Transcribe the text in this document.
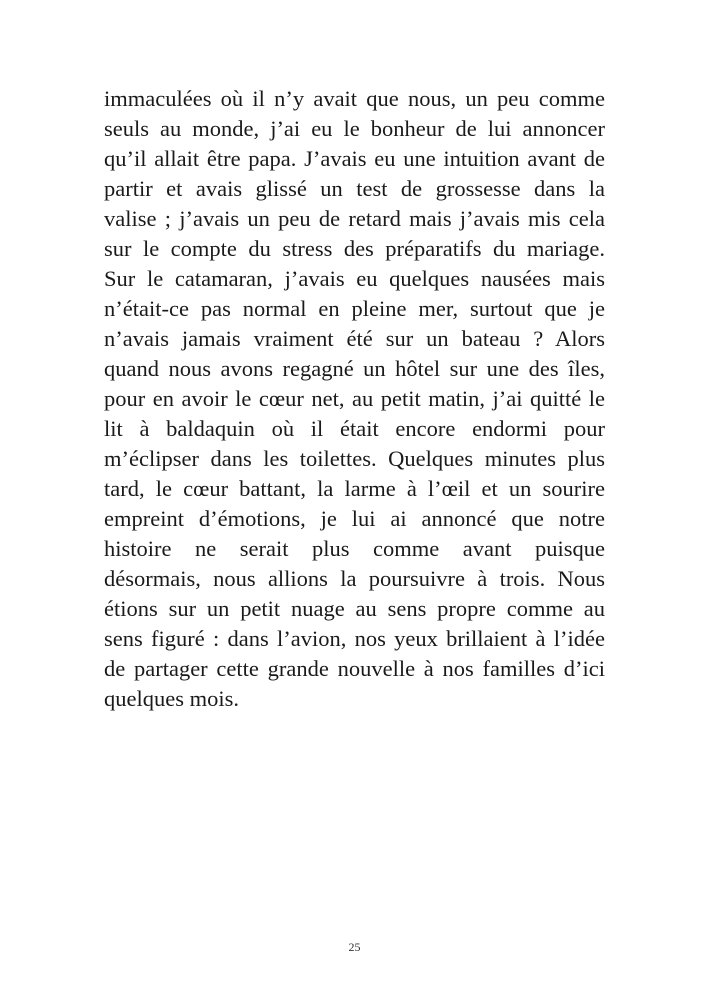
immaculées où il n’y avait que nous, un peu comme
seuls au monde, j’ai eu le bonheur de lui annoncer
qu’il allait être papa. J’avais eu une intuition avant de
partir et avais glissé un test de grossesse dans la
valise ; j’avais un peu de retard mais j’avais mis cela
sur le compte du stress des préparatifs du mariage.
Sur le catamaran, j’avais eu quelques nausées mais
n’était-ce pas normal en pleine mer, surtout que je
n’avais jamais vraiment été sur un bateau ? Alors
quand nous avons regagné un hôtel sur une des îles,
pour en avoir le cœur net, au petit matin, j’ai quitté le
lit à baldaquin où il était encore endormi pour
m’éclipser dans les toilettes. Quelques minutes plus
tard, le cœur battant, la larme à l’œil et un sourire
empreint d’émotions, je lui ai annoncé que notre
histoire ne serait plus comme avant puisque
désormais, nous allions la poursuivre à trois. Nous
étions sur un petit nuage au sens propre comme au
sens figuré : dans l’avion, nos yeux brillaient à l’idée
de partager cette grande nouvelle à nos familles d’ici
quelques mois.
25
